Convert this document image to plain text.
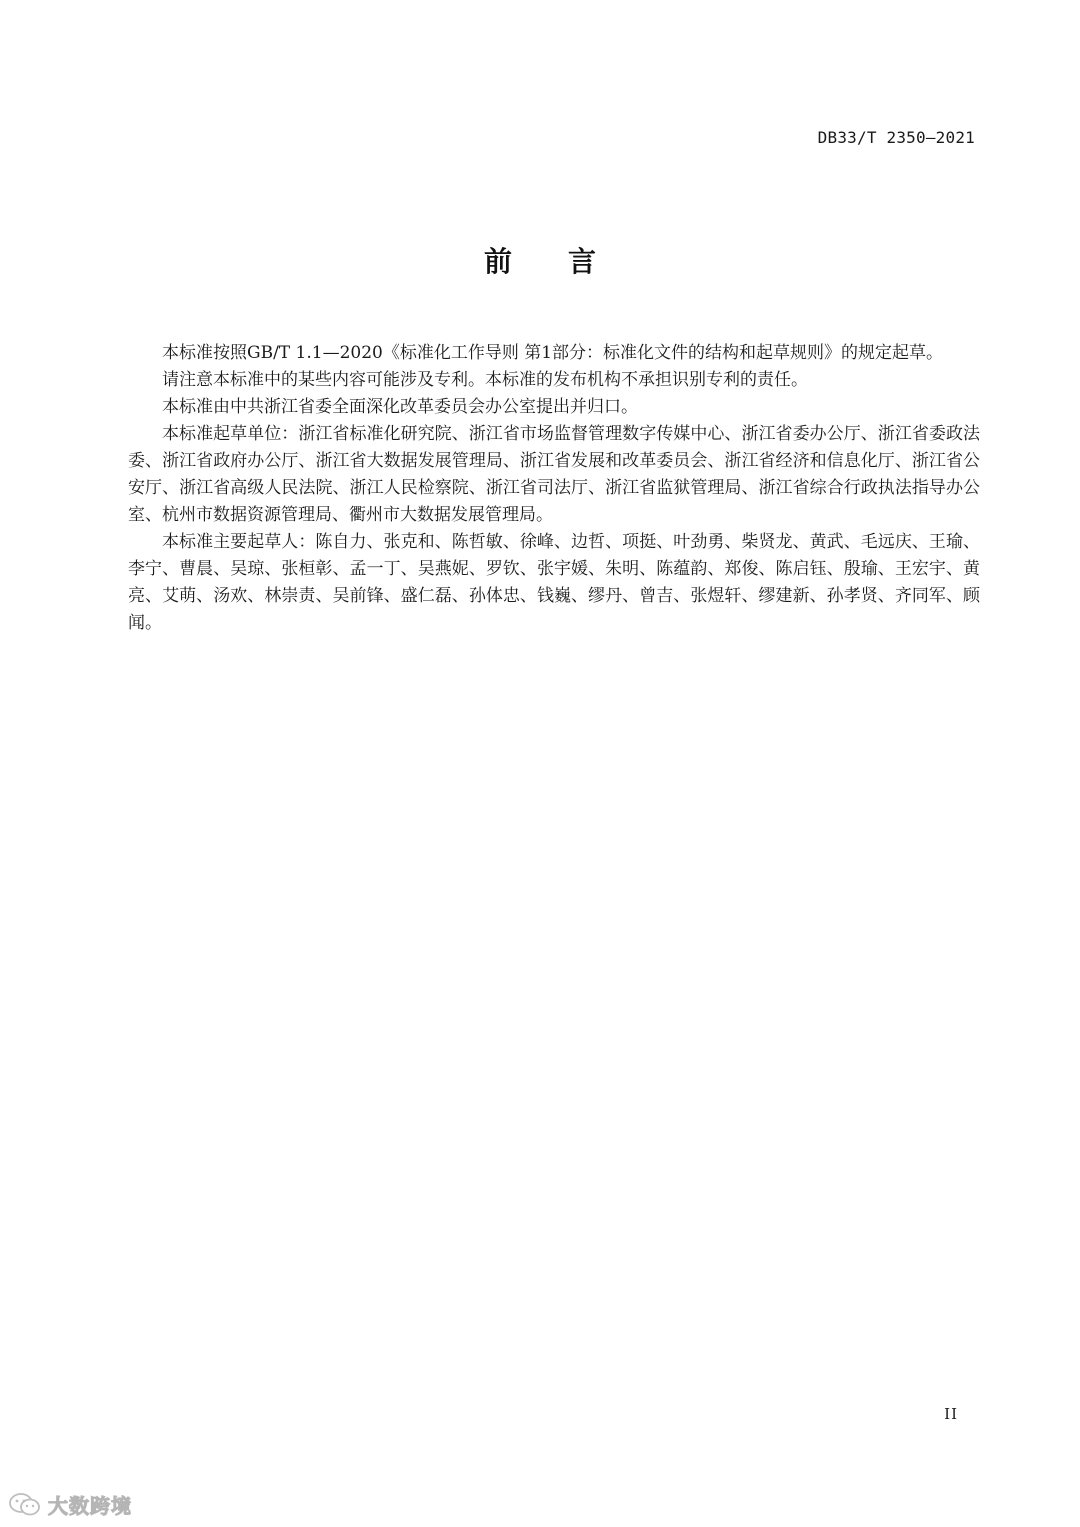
DB33/T 2350—2021
前言

本标准按照GB/T 1.1—2020《标准化工作导则 第1部分：标准化文件的结构和起草规则》的规定起草。

请注意本标准中的某些内容可能涉及专利。本标准的发布机构不承担识别专利的责任。

本标准由中共浙江省委全面深化改革委员会办公室提出并归口。

本标准起草单位：浙江省标准化研究院、浙江省市场监督管理数字传媒中心、浙江省委办公厅、浙江省委政法委、浙江省政府办公厅、浙江省大数据发展管理局、浙江省发展和改革委员会、浙江省经济和信息化厅、浙江省公安厅、浙江省高级人民法院、浙江人民检察院、浙江省司法厅、浙江省监狱管理局、浙江省综合行政执法指导办公室、杭州市数据资源管理局、衢州市大数据发展管理局。

本标准主要起草人：陈自力、张克和、陈哲敏、徐峰、边哲、项挺、叶劲勇、柴贤龙、黄武、毛远庆、王瑜、李宁、曹晨、吴琼、张桓彰、孟一丁、吴燕妮、罗钦、张宇媛、朱明、陈蕴韵、郑俊、陈启钰、殷瑜、王宏宇、黄亮、艾萌、汤欢、林崇责、吴前锋、盛仁磊、孙体忠、钱巍、缪丹、曾吉、张煜轩、缪建新、孙孝贤、齐同军、顾闻。

II
大数跨境
